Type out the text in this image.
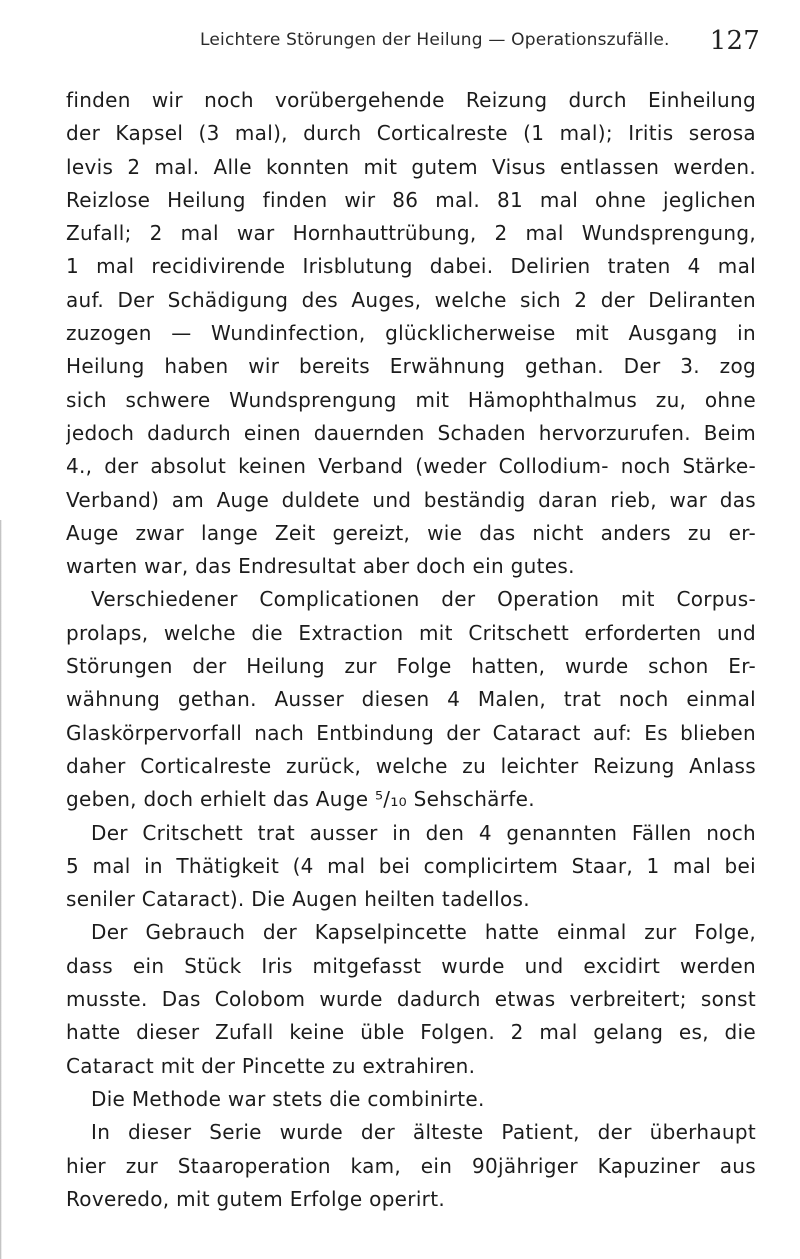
Leichtere Störungen der Heilung — Operationszufälle. 127
finden wir noch vorübergehende Reizung durch Einheilung
der Kapsel (3 mal), durch Corticalreste (1 mal); Iritis serosa
levis 2 mal. Alle konnten mit gutem Visus entlassen werden.
Reizlose Heilung finden wir 86 mal. 81 mal ohne jeglichen
Zufall; 2 mal war Hornhauttrübung, 2 mal Wundsprengung,
1 mal recidivirende Irisblutung dabei. Delirien traten 4 mal
auf. Der Schädigung des Auges, welche sich 2 der Deliranten
zuzogen — Wundinfection, glücklicherweise mit Ausgang in
Heilung haben wir bereits Erwähnung gethan. Der 3. zog
sich schwere Wundsprengung mit Hämophthalmus zu, ohne
jedoch dadurch einen dauernden Schaden hervorzurufen. Beim
4., der absolut keinen Verband (weder Collodium- noch Stärke-
Verband) am Auge duldete und beständig daran rieb, war das
Auge zwar lange Zeit gereizt, wie das nicht anders zu er-
warten war, das Endresultat aber doch ein gutes.
Verschiedener Complicationen der Operation mit Corpus-
prolaps, welche die Extraction mit Critschett erforderten und
Störungen der Heilung zur Folge hatten, wurde schon Er-
wähnung gethan. Ausser diesen 4 Malen, trat noch einmal
Glaskörpervorfall nach Entbindung der Cataract auf: Es blieben
daher Corticalreste zurück, welche zu leichter Reizung Anlass
geben, doch erhielt das Auge ⁵/₁₀ Sehschärfe.
Der Critschett trat ausser in den 4 genannten Fällen noch
5 mal in Thätigkeit (4 mal bei complicirtem Staar, 1 mal bei
seniler Cataract). Die Augen heilten tadellos.
Der Gebrauch der Kapselpincette hatte einmal zur Folge,
dass ein Stück Iris mitgefasst wurde und excidirt werden
musste. Das Colobom wurde dadurch etwas verbreitert; sonst
hatte dieser Zufall keine üble Folgen. 2 mal gelang es, die
Cataract mit der Pincette zu extrahiren.
Die Methode war stets die combinirte.
In dieser Serie wurde der älteste Patient, der überhaupt
hier zur Staaroperation kam, ein 90jähriger Kapuziner aus
Roveredo, mit gutem Erfolge operirt.
